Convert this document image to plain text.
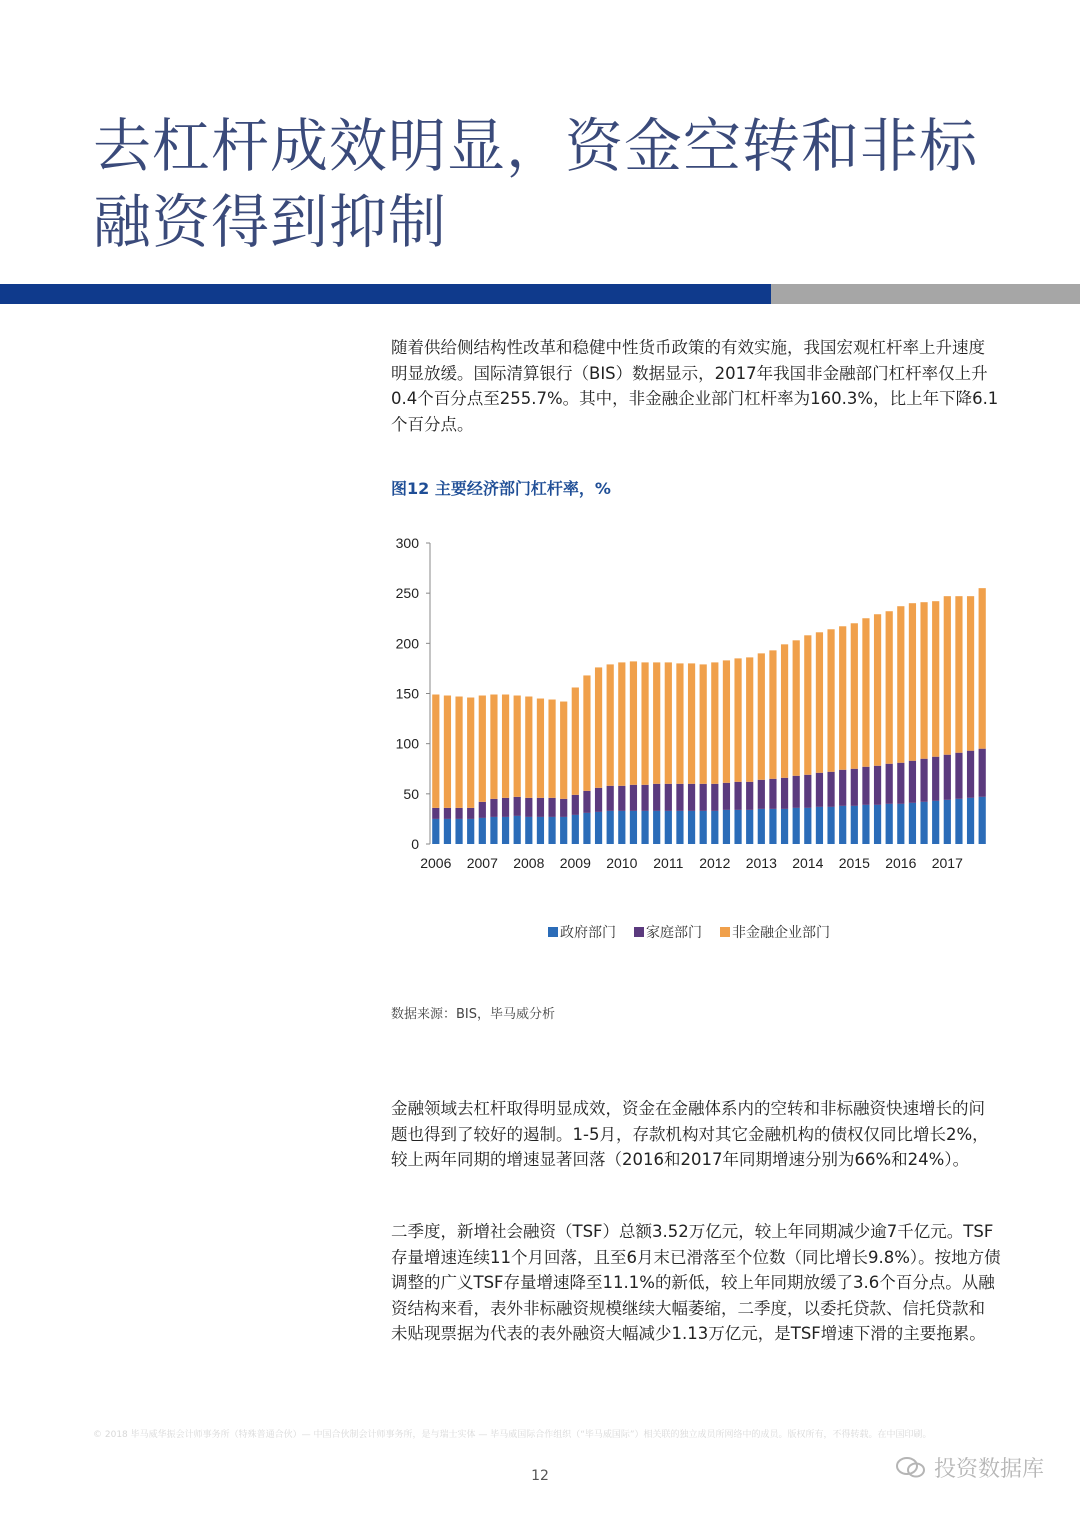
去杠杆成效明显，资金空转和非标融资得到抑制
随着供给侧结构性改革和稳健中性货币政策的有效实施，我国宏观杠杆率上升速度明显放缓。国际清算银行（BIS）数据显示，2017年我国非金融部门杠杆率仅上升0.4个百分点至255.7%。其中，非金融企业部门杠杆率为160.3%，比上年下降6.1个百分点。
图12 主要经济部门杠杆率，%
0
50
100
150
200
250
300
2006 2007 2008 2009 2010 2011 2012 2013 2014 2015 2016 2017
政府部门 家庭部门 非金融企业部门
数据来源：BIS，毕马威分析
金融领域去杠杆取得明显成效，资金在金融体系内的空转和非标融资快速增长的问题也得到了较好的遏制。1-5月，存款机构对其它金融机构的债权仅同比增长2%，较上两年同期的增速显著回落（2016和2017年同期增速分别为66%和24%）。
二季度，新增社会融资（TSF）总额3.52万亿元，较上年同期减少逾7千亿元。TSF存量增速连续11个月回落，且至6月末已滑落至个位数（同比增长9.8%）。按地方债调整的广义TSF存量增速降至11.1%的新低，较上年同期放缓了3.6个百分点。从融资结构来看，表外非标融资规模继续大幅萎缩，二季度，以委托贷款、信托贷款和未贴现票据为代表的表外融资大幅减少1.13万亿元，是TSF增速下滑的主要拖累。
© 2018 毕马威华振会计师事务所（特殊普通合伙）— 中国合伙制会计师事务所，是与瑞士实体 — 毕马威国际合作组织（“毕马威国际”）相关联的独立成员所网络中的成员。版权所有，不得转载。在中国印刷。
12	投资数据库
